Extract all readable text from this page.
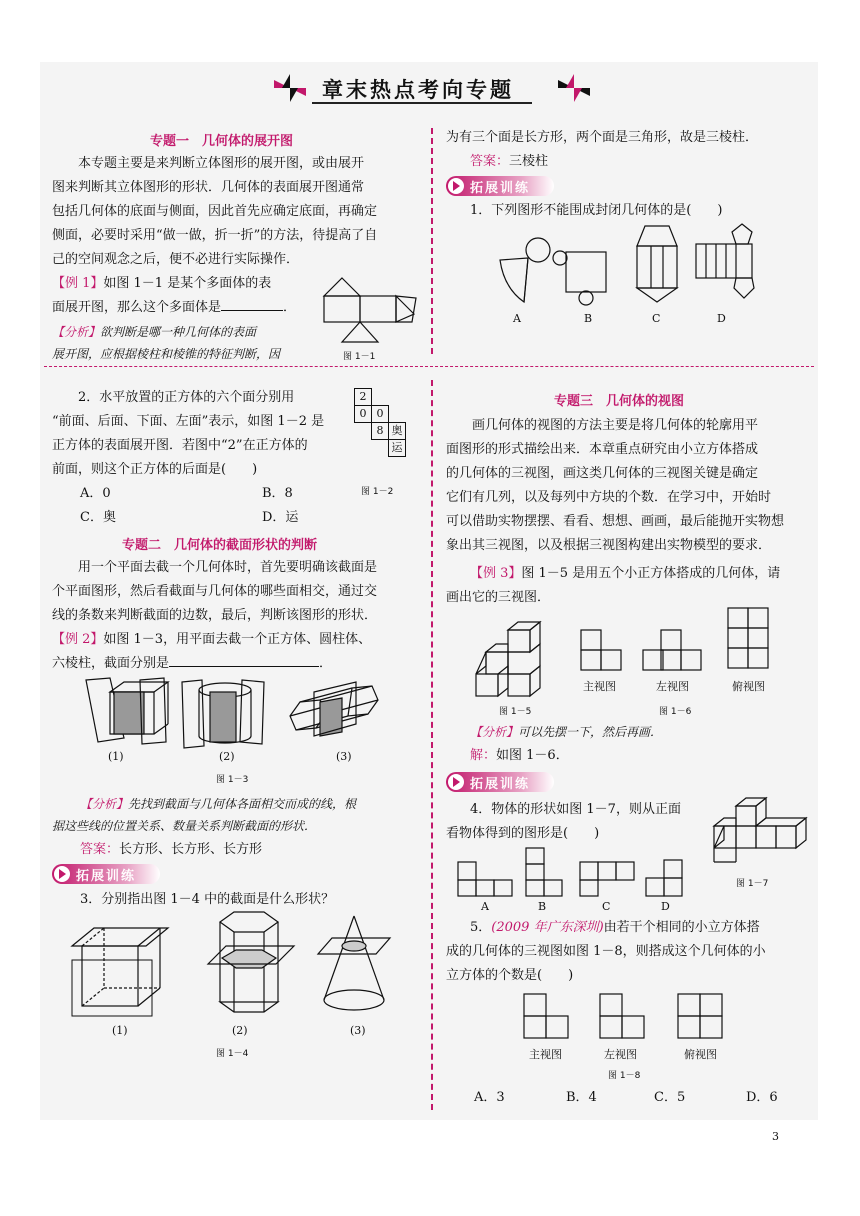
章末热点考向专题
专题一　几何体的展开图
本专题主要是来判断立体图形的展开图，或由展开
图来判断其立体图形的形状．几何体的表面展开图通常
包括几何体的底面与侧面，因此首先应确定底面，再确定
侧面，必要时采用“做一做，折一折”的方法，待提高了自
己的空间观念之后，便不必进行实际操作．
【例 1】如图 1－1 是某个多面体的表
面展开图，那么这个多面体是	．
【分析】欲判断是哪一种几何体的表面
展开图，应根据棱柱和棱锥的特征判断，因	图 1－1
为有三个面是长方形，两个面是三角形，故是三棱柱．
答案：三棱柱
拓展训练
1．下列图形不能围成封闭几何体的是(　　)
A	B	C	D
2．水平放置的正方体的六个面分别用
“前面、后面、下面、左面”表示，如图 1－2 是
正方体的表面展开图．若图中“2”在正方体的
前面，则这个正方体的后面是(　　)
2
0 0
8 奥
运
图 1－2
A．0	B．8
C．奥	D．运
专题二　几何体的截面形状的判断
用一个平面去截一个几何体时，首先要明确该截面是
个平面图形，然后看截面与几何体的哪些面相交，通过交
线的条数来判断截面的边数，最后，判断该图形的形状．
【例 2】如图 1－3，用平面去截一个正方体、圆柱体、
六棱柱，截面分别是	．
(1)	(2)	(3)
图 1－3
【分析】先找到截面与几何体各面相交而成的线，根
据这些线的位置关系、数量关系判断截面的形状．
答案：长方形、长方形、长方形
拓展训练
3．分别指出图 1－4 中的截面是什么形状？
(1)	(2)	(3)
图 1－4
专题三　几何体的视图
画几何体的视图的方法主要是将几何体的轮廓用平
面图形的形式描绘出来．本章重点研究由小立方体搭成
的几何体的三视图，画这类几何体的三视图关键是确定
它们有几列，以及每列中方块的个数．在学习中，开始时
可以借助实物摆摆、看看、想想、画画，最后能抛开实物想
象出其三视图，以及根据三视图构建出实物模型的要求．
【例 3】图 1－5 是用五个小正方体搭成的几何体，请
画出它的三视图．
主视图	左视图	俯视图
图 1－5	图 1－6
【分析】可以先摆一下，然后再画．
解：如图 1－6．
拓展训练
4．物体的形状如图 1－7，则从正面
看物体得到的图形是(　　)
图 1－7
A	B	C	D
5．(2009 年广东深圳)由若干个相同的小立方体搭
成的几何体的三视图如图 1－8，则搭成这个几何体的小
立方体的个数是(　　)
主视图	左视图	俯视图
图 1－8
A．3	B．4	C．5	D．6
3
